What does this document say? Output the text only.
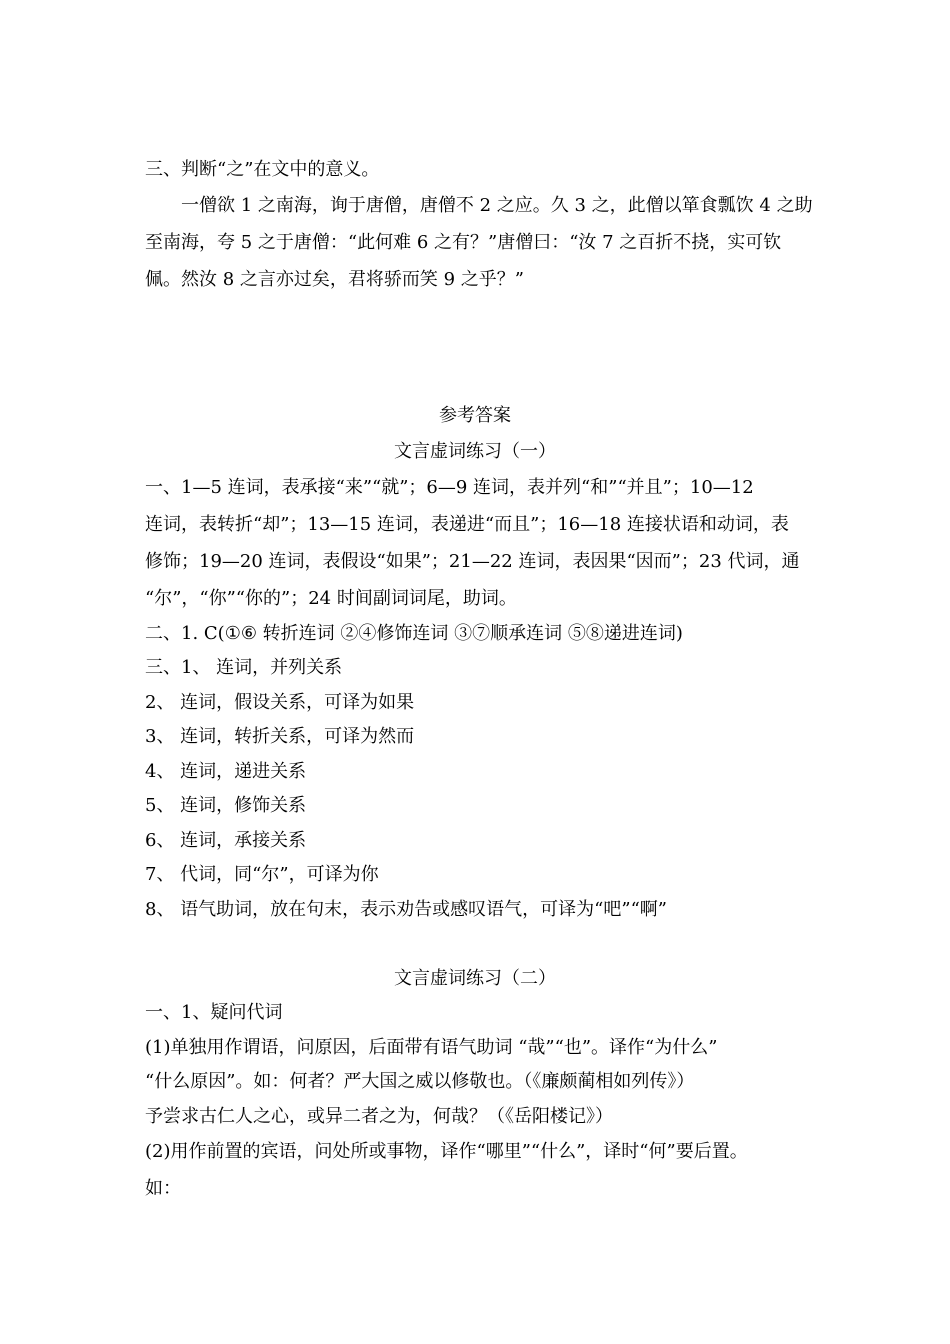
三、判断“之”在文中的意义。
一僧欲 1 之南海，询于唐僧，唐僧不 2 之应。久 3 之，此僧以箪食瓢饮 4 之助
至南海，夸 5 之于唐僧：“此何难 6 之有？”唐僧曰：“汝 7 之百折不挠，实可钦
佩。然汝 8 之言亦过矣，君将骄而笑 9 之乎？”
参考答案
文言虚词练习（一）
一、1—5 连词，表承接“来”“就”；6—9 连词，表并列“和”“并且”；10—12
连词，表转折“却”；13—15 连词，表递进“而且”；16—18 连接状语和动词，表
修饰；19—20 连词，表假设“如果”；21—22 连词，表因果“因而”；23 代词，通
“尔”，“你”“你的”；24 时间副词词尾，助词。
二、1. C(①⑥ 转折连词 ②④修饰连词 ③⑦顺承连词 ⑤⑧递进连词)
三、1、 连词，并列关系
2、 连词，假设关系，可译为如果
3、 连词，转折关系，可译为然而
4、 连词，递进关系
5、 连词，修饰关系
6、 连词，承接关系
7、 代词，同“尔”，可译为你
8、 语气助词，放在句末，表示劝告或感叹语气，可译为“吧”“啊”
文言虚词练习（二）
一、1、疑问代词
(1)单独用作谓语，问原因，后面带有语气助词 “哉”“也”。译作“为什么”
“什么原因”。如：何者？严大国之威以修敬也。（《廉颇蔺相如列传》）
予尝求古仁人之心，或异二者之为，何哉？（《岳阳楼记》）
(2)用作前置的宾语，问处所或事物，译作“哪里”“什么”，译时“何”要后置。
如：
